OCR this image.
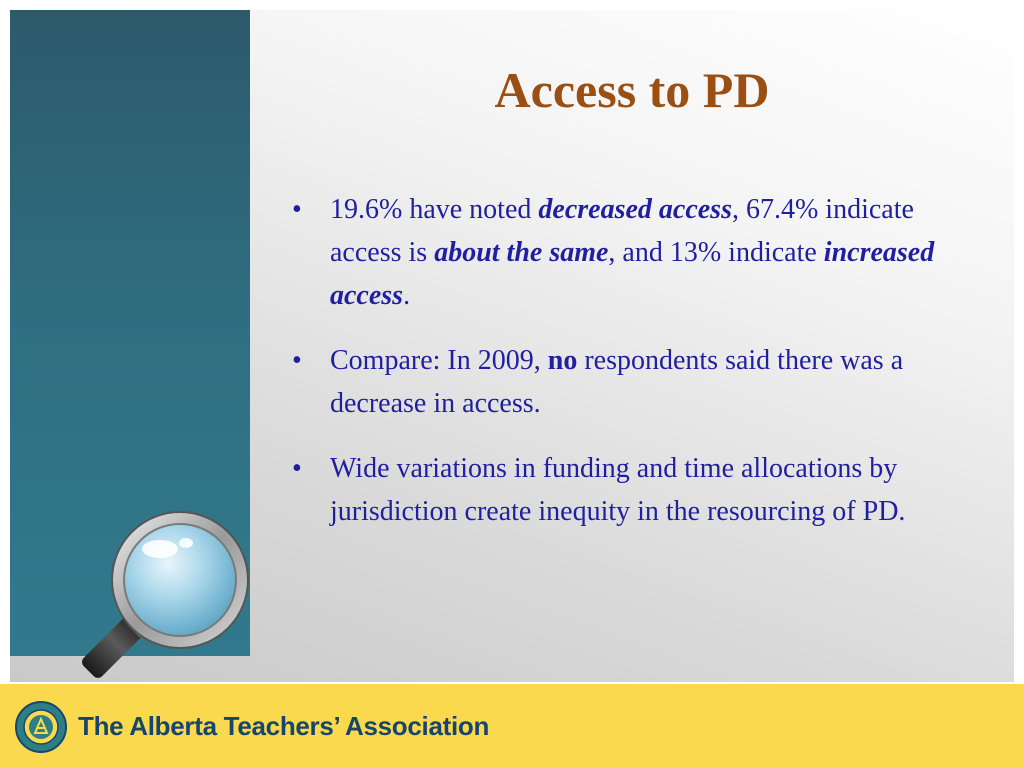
Access to PD
• 19.6% have noted decreased access, 67.4% indicate access is about the same, and 13% indicate increased access.
• Compare: In 2009, no respondents said there was a decrease in access.
• Wide variations in funding and time allocations by jurisdiction create inequity in the resourcing of PD.
The Alberta Teachers’ Association
